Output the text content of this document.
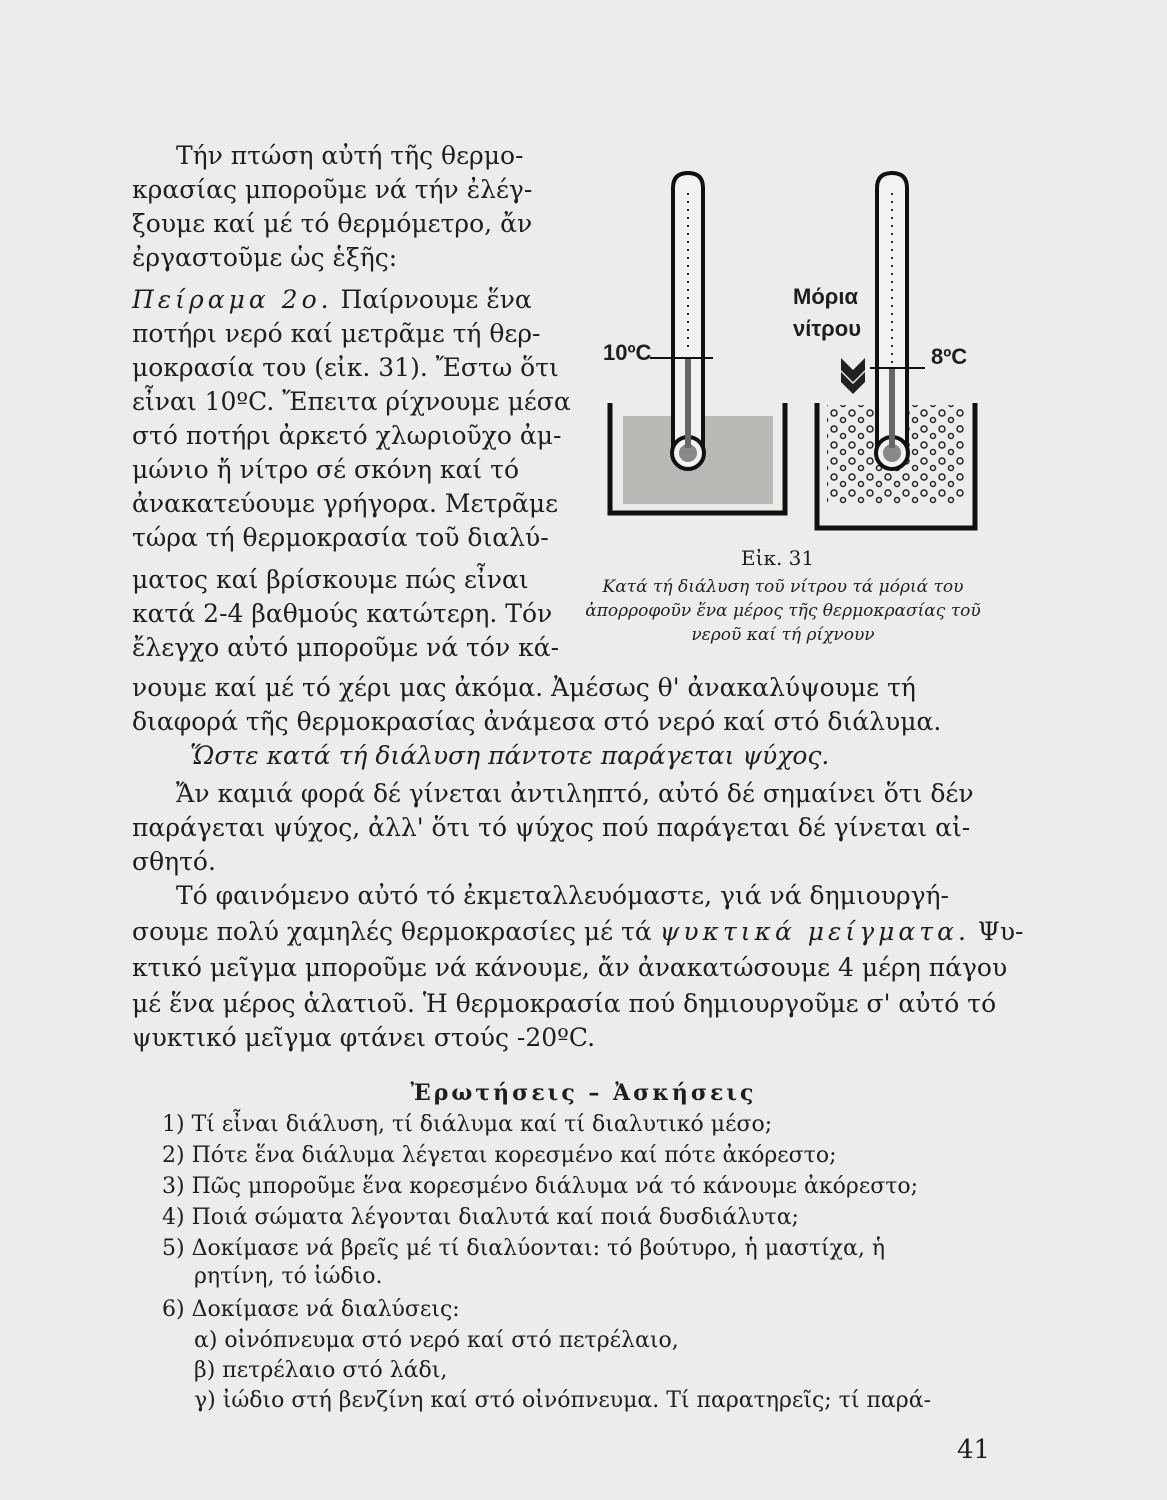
Τήν πτώση αὐτή τῆς θερμο-

κρασίας μποροῦμε νά τήν ἐλέγ-

ξουμε καί μέ τό θερμόμετρο, ἄν

ἐργαστοῦμε ὡς ἑξῆς:

Πείραμα 2ο. Παίρνουμε ἕνα

ποτήρι νερό καί μετρᾶμε τή θερ-

μοκρασία του (εἰκ. 31). Ἔστω ὅτι

εἶναι 10ºC. Ἔπειτα ρίχνουμε μέσα

στό ποτήρι ἀρκετό χλωριοῦχο ἀμ-

μώνιο ἤ νίτρο σέ σκόνη καί τό

ἀνακατεύουμε γρήγορα. Μετρᾶμε

τώρα τή θερμοκρασία τοῦ διαλύ-

ματος καί βρίσκουμε πώς εἶναι

κατά 2-4 βαθμούς κατώτερη. Τόν

ἔλεγχο αὐτό μποροῦμε νά τόν κά-

νουμε καί μέ τό χέρι μας ἀκόμα. Ἀμέσως θ' ἀνακαλύψουμε τή

διαφορά τῆς θερμοκρασίας ἀνάμεσα στό νερό καί στό διάλυμα.

Ὥστε κατά τή διάλυση πάντοτε παράγεται ψύχος.

10ºC	8ºC
Μόρια
νίτρου
Εἰκ. 31
Κατά τή διάλυση τοῦ νίτρου τά μόριά του ἀπορροφοῦν ἕνα μέρος τῆς θερμοκρασίας τοῦ νεροῦ καί τή ρίχνουν

Ἄν καμιά φορά δέ γίνεται ἀντιληπτό, αὐτό δέ σημαίνει ὅτι δέν

παράγεται ψύχος, ἀλλ' ὅτι τό ψύχος πού παράγεται δέ γίνεται αἰ-

σθητό.

Τό φαινόμενο αὐτό τό ἐκμεταλλευόμαστε, γιά νά δημιουργή-

σουμε πολύ χαμηλές θερμοκρασίες μέ τά ψυκτικά μείγματα. Ψυ-

κτικό μεῖγμα μποροῦμε νά κάνουμε, ἄν ἀνακατώσουμε 4 μέρη πάγου

μέ ἕνα μέρος ἁλατιοῦ. Ἡ θερμοκρασία πού δημιουργοῦμε σ' αὐτό τό

ψυκτικό μεῖγμα φτάνει στούς -20ºC.

Ἐρωτήσεις – Ἀσκήσεις
1) Τί εἶναι διάλυση, τί διάλυμα καί τί διαλυτικό μέσο;
2) Πότε ἕνα διάλυμα λέγεται κορεσμένο καί πότε ἀκόρεστο;
3) Πῶς μποροῦμε ἕνα κορεσμένο διάλυμα νά τό κάνουμε ἀκόρεστο;
4) Ποιά σώματα λέγονται διαλυτά καί ποιά δυσδιάλυτα;
5) Δοκίμασε νά βρεῖς μέ τί διαλύονται: τό βούτυρο, ἡ μαστίχα, ἡ
ρητίνη, τό ἰώδιο.
6) Δοκίμασε νά διαλύσεις:
α) οἰνόπνευμα στό νερό καί στό πετρέλαιο,
β) πετρέλαιο στό λάδι,
γ) ἰώδιο στή βενζίνη καί στό οἰνόπνευμα. Τί παρατηρεῖς; τί παρά-
41
